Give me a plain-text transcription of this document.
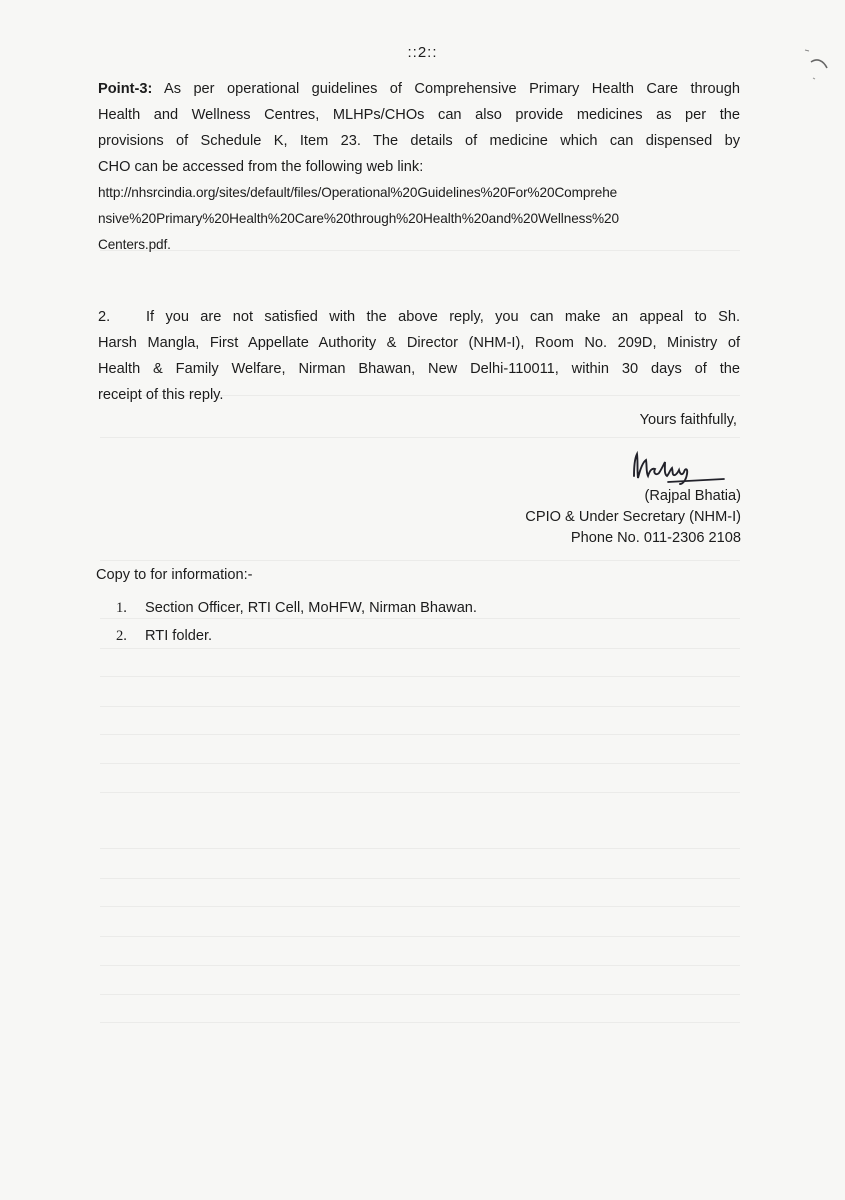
::2::
Point-3: As per operational guidelines of Comprehensive Primary Health Care through
Health and Wellness Centres, MLHPs/CHOs can also provide medicines as per the
provisions of Schedule K, Item 23. The details of medicine which can dispensed by
CHO can be accessed from the following web link:
http://nhsrcindia.org/sites/default/files/Operational%20Guidelines%20For%20Comprehe
nsive%20Primary%20Health%20Care%20through%20Health%20and%20Wellness%20
Centers.pdf.
2. If you are not satisfied with the above reply, you can make an appeal to Sh.
Harsh Mangla, First Appellate Authority & Director (NHM-I), Room No. 209D, Ministry of
Health & Family Welfare, Nirman Bhawan, New Delhi-110011, within 30 days of the
receipt of this reply.
Yours faithfully,
(Rajpal Bhatia)
CPIO & Under Secretary (NHM-I)
Phone No. 011-2306 2108
Copy to for information:-
1. Section Officer, RTI Cell, MoHFW, Nirman Bhawan.
2. RTI folder.
